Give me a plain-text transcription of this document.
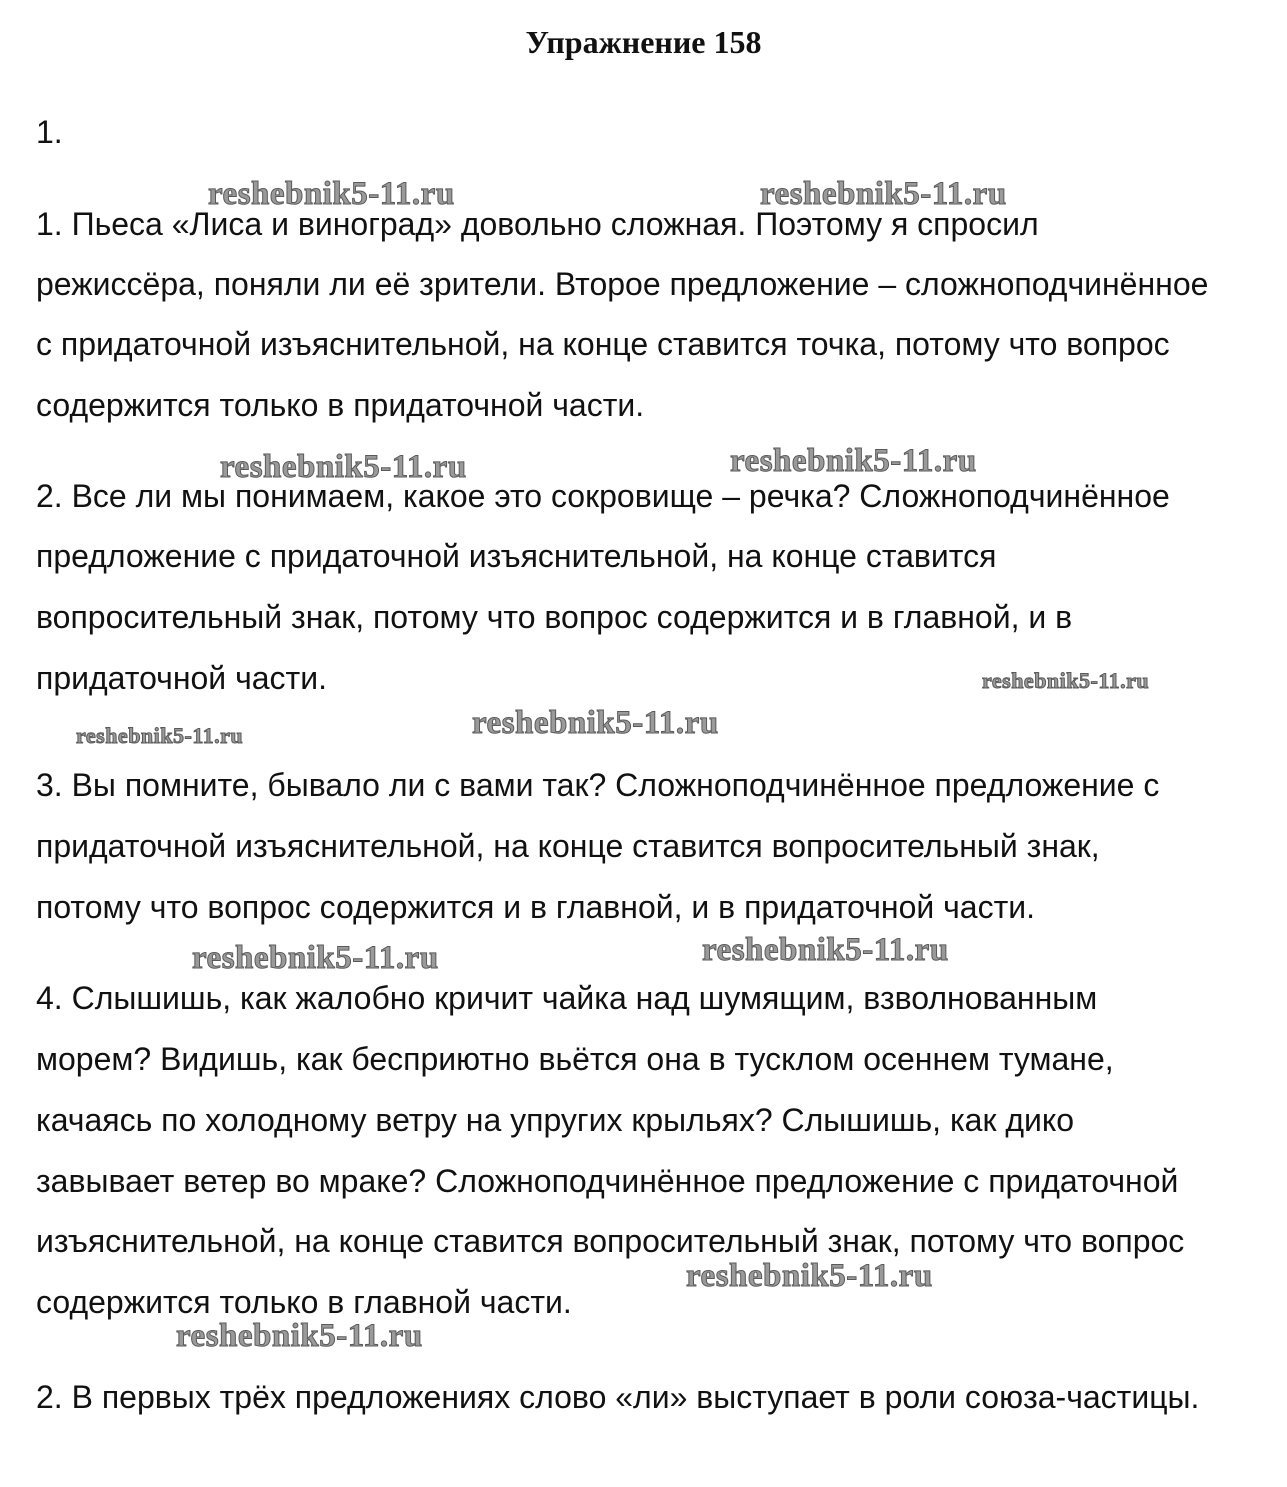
Упражнение 158
1.
reshebnik5-11.ru	reshebnik5-11.ru
reshebnik5-11.ru	reshebnik5-11.ru
reshebnik5-11.ru
reshebnik5-11.ru	reshebnik5-11.ru
reshebnik5-11.ru	reshebnik5-11.ru
reshebnik5-11.ru
reshebnik5-11.ru
1. Пьеса «Лиса и виноград» довольно сложная. Поэтому я спросил
режиссёра, поняли ли её зрители. Второе предложение – сложноподчинённое
с придаточной изъяснительной, на конце ставится точка, потому что вопрос
содержится только в придаточной части.
2. Все ли мы понимаем, какое это сокровище – речка? Сложноподчинённое
предложение с придаточной изъяснительной, на конце ставится
вопросительный знак, потому что вопрос содержится и в главной, и в
придаточной части.
3. Вы помните, бывало ли с вами так? Сложноподчинённое предложение с
придаточной изъяснительной, на конце ставится вопросительный знак,
потому что вопрос содержится и в главной, и в придаточной части.
4. Слышишь, как жалобно кричит чайка над шумящим, взволнованным
морем? Видишь, как бесприютно вьётся она в тусклом осеннем тумане,
качаясь по холодному ветру на упругих крыльях? Слышишь, как дико
завывает ветер во мраке? Сложноподчинённое предложение с придаточной
изъяснительной, на конце ставится вопросительный знак, потому что вопрос
содержится только в главной части.
2. В первых трёх предложениях слово «ли» выступает в роли союза-частицы.
